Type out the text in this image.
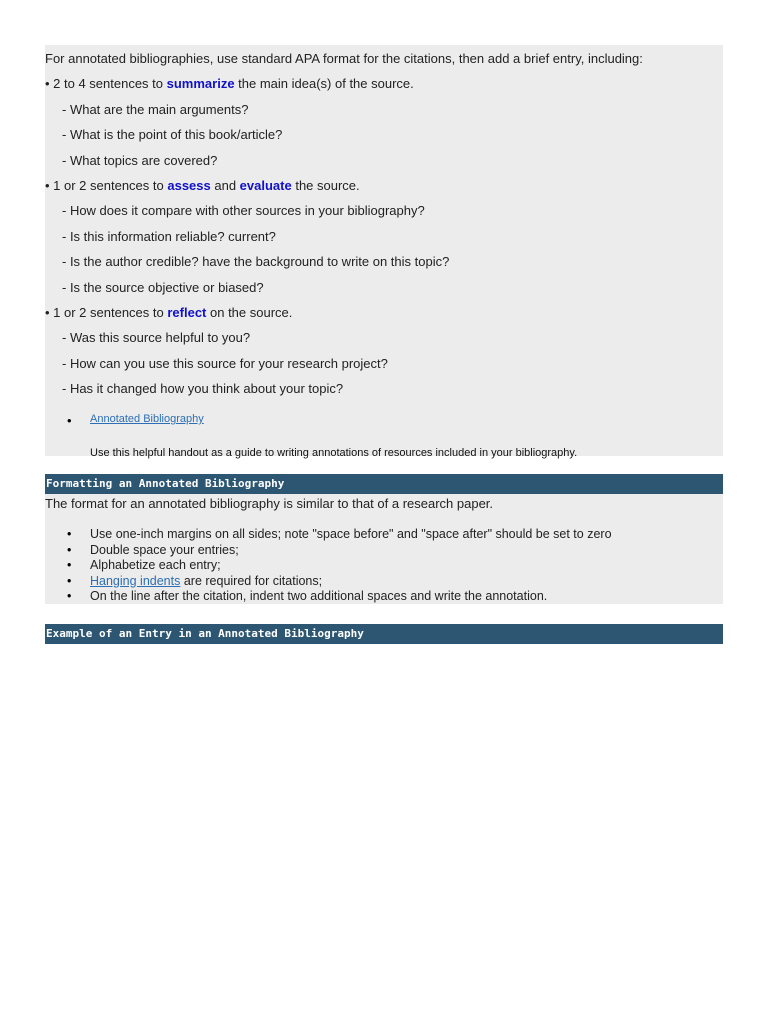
For annotated bibliographies, use standard APA format for the citations, then add a brief entry, including:
• 2 to 4 sentences to summarize the main idea(s) of the source.
- What are the main arguments?
- What is the point of this book/article?
- What topics are covered?
• 1 or 2 sentences to assess and evaluate the source.
- How does it compare with other sources in your bibliography?
- Is this information reliable? current?
- Is the author credible? have the background to write on this topic?
- Is the source objective or biased?
• 1 or 2 sentences to reflect on the source.
- Was this source helpful to you?
- How can you use this source for your research project?
- Has it changed how you think about your topic?
• Annotated Bibliography
Use this helpful handout as a guide to writing annotations of resources included in your bibliography.
Formatting an Annotated Bibliography
The format for an annotated bibliography is similar to that of a research paper.
• Use one-inch margins on all sides; note "space before" and "space after" should be set to zero
• Double space your entries;
• Alphabetize each entry;
• Hanging indents are required for citations;
• On the line after the citation, indent two additional spaces and write the annotation.
Example of an Entry in an Annotated Bibliography
